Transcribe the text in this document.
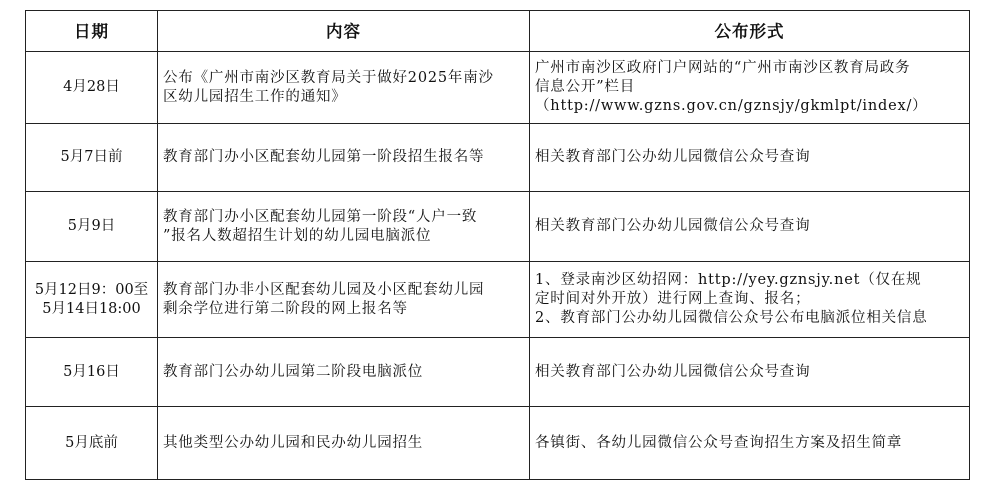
日期	内容	公布形式

4月28日	公布《广州市南沙区教育局关于做好2025年南沙
区幼儿园招生工作的通知》	广州市南沙区政府门户网站的“广州市南沙区教育局政务
信息公开”栏目
（http://www.gzns.gov.cn/gznsjy/gkmlpt/index/）

5月7日前	教育部门办小区配套幼儿园第一阶段招生报名等	相关教育部门公办幼儿园微信公众号查询

5月9日	教育部门办小区配套幼儿园第一阶段“人户一致
”报名人数超招生计划的幼儿园电脑派位	相关教育部门公办幼儿园微信公众号查询

5月12日9：00至
5月14日18:00	教育部门办非小区配套幼儿园及小区配套幼儿园
剩余学位进行第二阶段的网上报名等	1、登录南沙区幼招网：http://yey.gznsjy.net（仅在规
定时间对外开放）进行网上查询、报名；
2、教育部门公办幼儿园微信公众号公布电脑派位相关信息

5月16日	教育部门公办幼儿园第二阶段电脑派位	相关教育部门公办幼儿园微信公众号查询

5月底前	其他类型公办幼儿园和民办幼儿园招生	各镇街、各幼儿园微信公众号查询招生方案及招生简章
